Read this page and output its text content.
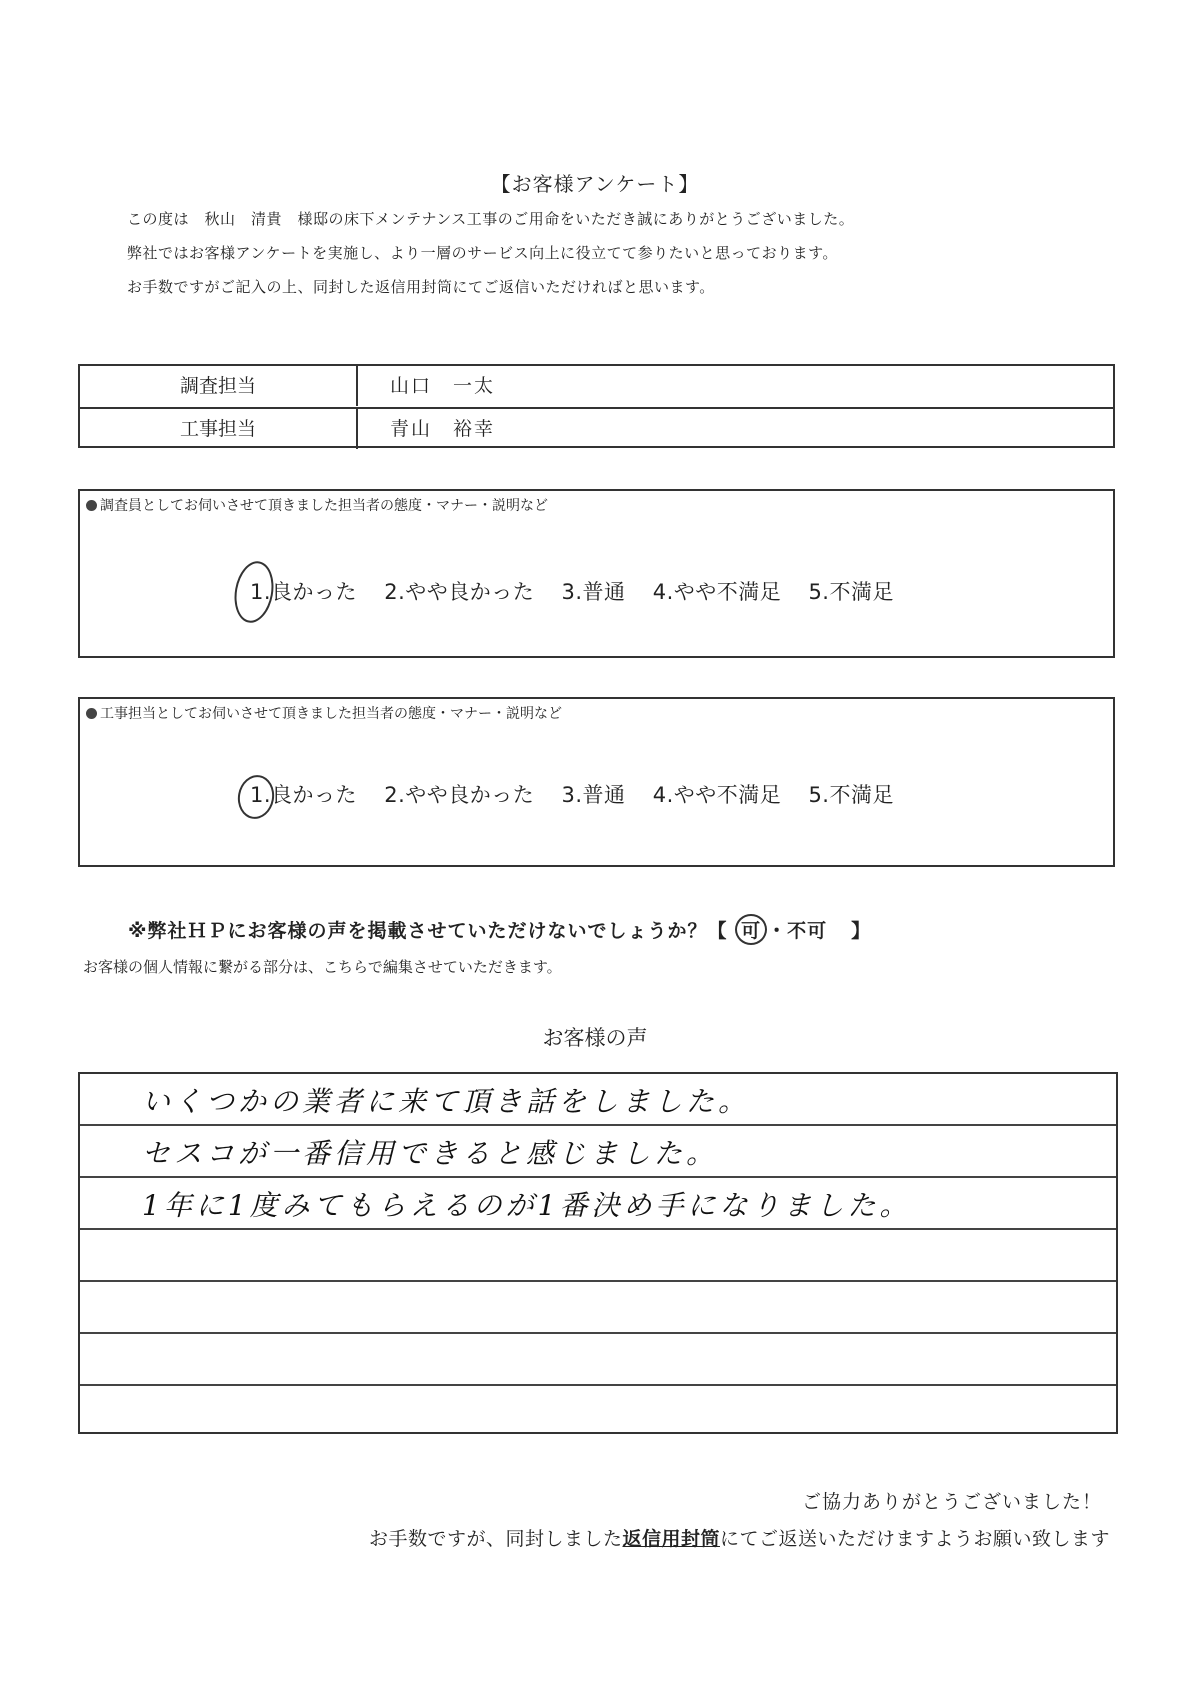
【お客様アンケート】
この度は　秋山　清貴　様邸の床下メンテナンス工事のご用命をいただき誠にありがとうございました。
弊社ではお客様アンケートを実施し、より一層のサービス向上に役立てて参りたいと思っております。
お手数ですがご記入の上、同封した返信用封筒にてご返信いただければと思います。
調査担当	山口　一太
工事担当	青山　裕幸
調査員としてお伺いさせて頂きました担当者の態度・マナー・説明など
1.良かった 2.やや良かった 3.普通 4.やや不満足 5.不満足
工事担当としてお伺いさせて頂きました担当者の態度・マナー・説明など
1.良かった 2.やや良かった 3.普通 4.やや不満足 5.不満足
※弊社ＨＰにお客様の声を掲載させていただけないでしょうか？【 可 ・不可 】
お客様の個人情報に繋がる部分は、こちらで編集させていただきます。
お客様の声
いくつかの業者に来て頂き話をしました。
セスコが一番信用できると感じました。
1年に1度みてもらえるのが1番決め手になりました。
ご協力ありがとうございました！
お手数ですが、同封しました返信用封筒にてご返送いただけますようお願い致します
